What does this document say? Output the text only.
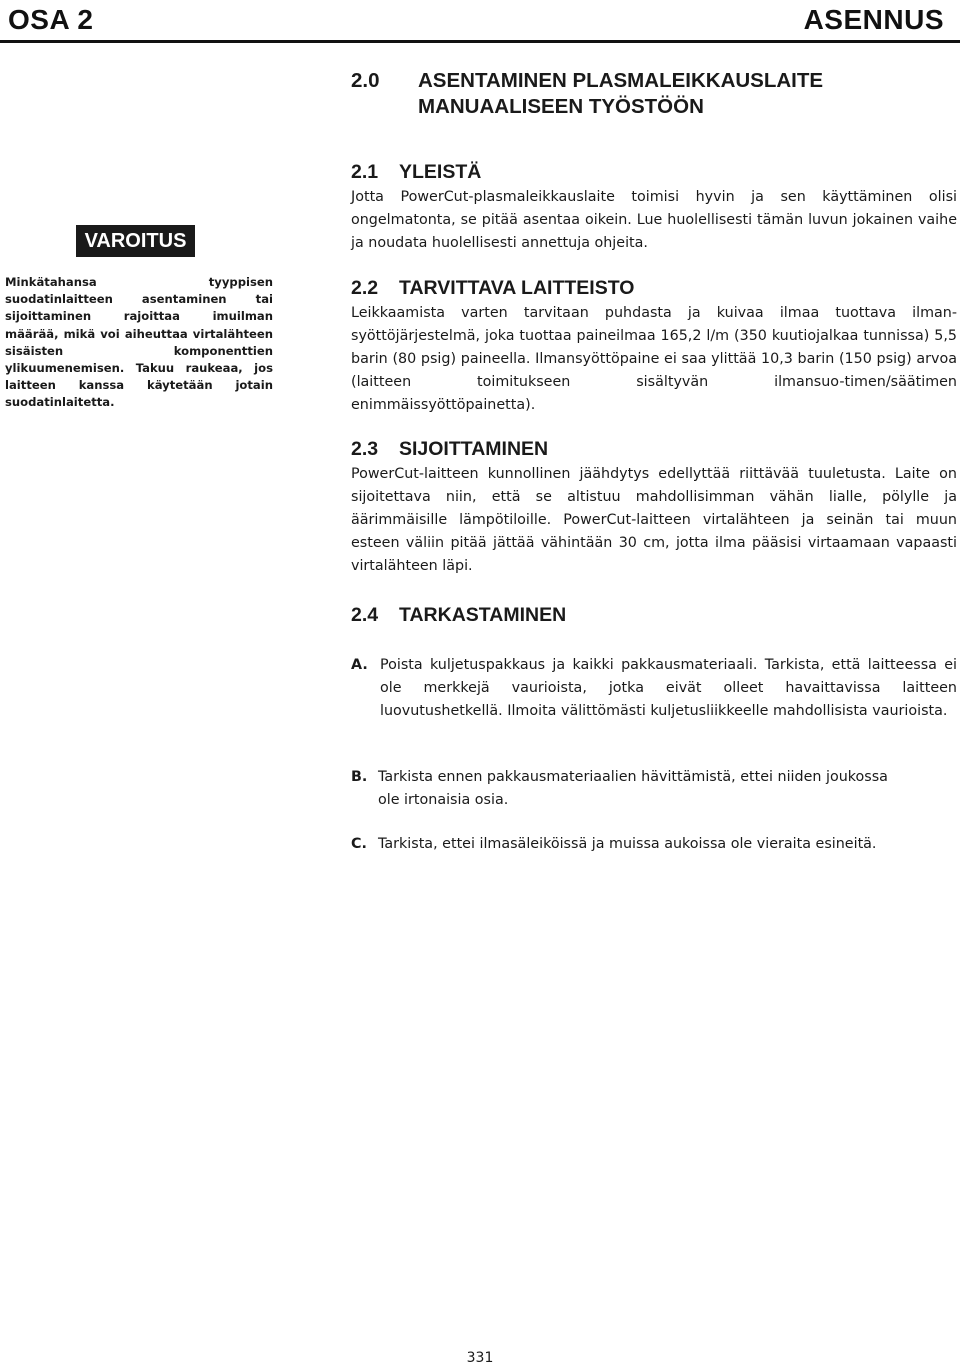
OSA 2	ASENNUS
2.0 ASENTAMINEN PLASMALEIKKAUSLAITE
MANUAALISEEN TYÖSTÖÖN
VAROITUS
Minkätahansa tyyppisen suodatinlaitteen asentaminen tai sijoittaminen rajoittaa imuilman määrää, mikä voi aiheuttaa virtalähteen sisäisten komponenttien ylikuumenemisen. Takuu raukeaa, jos laitteen kanssa käytetään jotain suodatinlaitetta.
2.1 YLEISTÄ

Jotta PowerCut-plasmaleikkauslaite toimisi hyvin ja sen käyttäminen olisi ongelmatonta, se pitää asentaa oikein. Lue huolellisesti tämän luvun jokainen vaihe ja noudata huolellisesti annettuja ohjeita.

2.2 TARVITTAVA LAITTEISTO

Leikkaamista varten tarvitaan puhdasta ja kuivaa ilmaa tuottava ilmansyöttöjärjestelmä, joka tuottaa paineilmaa 165,2 l/m (350 kuutiojalkaa tunnissa) 5,5 barin (80 psig) paineella. Ilmansyöttöpaine ei saa ylittää 10,3 barin (150 psig) arvoa (laitteen toimitukseen sisältyvän ilmansuo-timen/säätimen enimmäissyöttöpainetta).

2.3 SIJOITTAMINEN

PowerCut-laitteen kunnollinen jäähdytys edellyttää riittävää tuuletusta. Laite on sijoitettava niin, että se altistuu mahdollisimman vähän lialle, pölylle ja äärimmäisille lämpötiloille. PowerCut-laitteen virtalähteen ja seinän tai muun esteen väliin pitää jättää vähintään 30 cm, jotta ilma pääsisi virtaamaan vapaasti virtalähteen läpi.

2.4 TARKASTAMINEN
A. Poista kuljetuspakkaus ja kaikki pakkausmateriaali. Tarkista, että laitteessa ei ole merkkejä vaurioista, jotka eivät olleet havaittavissa laitteen luovutushetkellä. Ilmoita välittömästi kuljetusliikkeelle mahdollisista vaurioista.
B. Tarkista ennen pakkausmateriaalien hävittämistä, ettei niiden joukossa ole irtonaisia osia.
C. Tarkista, ettei ilmasäleiköissä ja muissa aukoissa ole vieraita esineitä.
331
